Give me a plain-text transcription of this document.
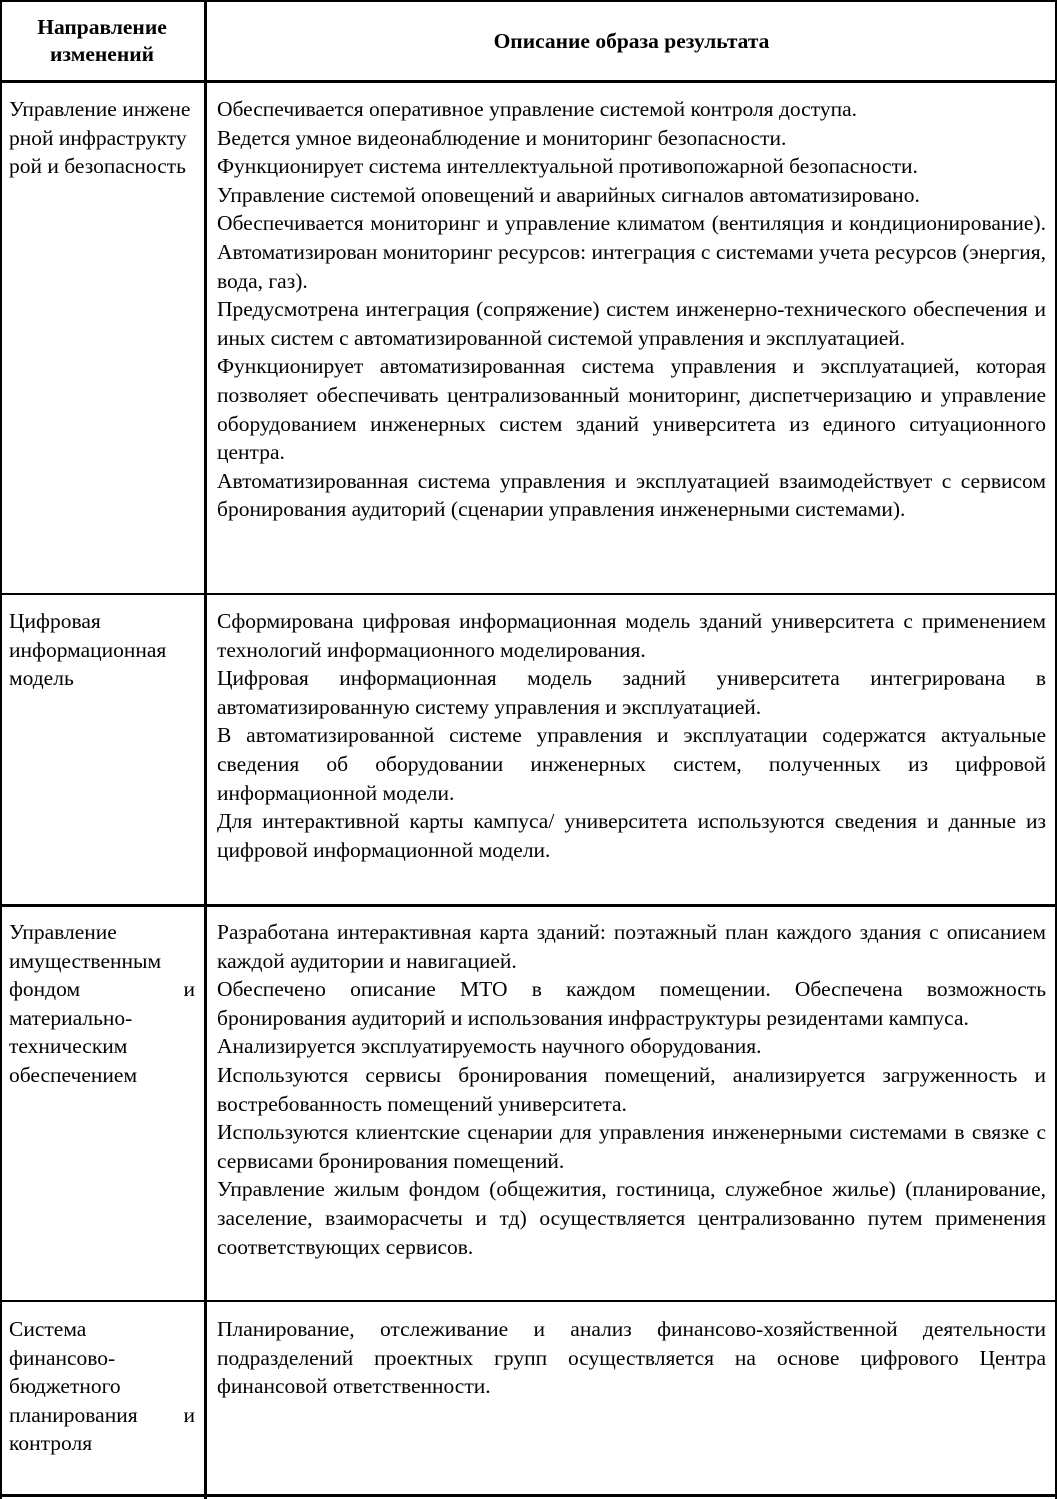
Направление изменений
Описание образа результата

Управление инженерной инфраструктурой и безопасность

Обеспечивается оперативное управление системой контроля доступа.

Ведется умное видеонаблюдение и мониторинг безопасности.

Функционирует система интеллектуальной противопожарной безопасности.

Управление системой оповещений и аварийных сигналов автоматизировано.

Обеспечивается мониторинг и управление климатом (вентиляция и кондиционирование). Автоматизирован мониторинг ресурсов: интеграция с системами учета ресурсов (энергия, вода, газ).

Предусмотрена интеграция (сопряжение) систем инженерно-технического обеспечения и иных систем с автоматизированной системой управления и эксплуатацией.

Функционирует автоматизированная система управления и эксплуатацией, которая позволяет обеспечивать централизованный мониторинг, диспетчеризацию и управление оборудованием инженерных систем зданий университета из единого ситуационного центра.

Автоматизированная система управления и эксплуатацией взаимодействует с сервисом бронирования аудиторий (сценарии управления инженерными системами).

Цифровая информационная модель

Сформирована цифровая информационная модель зданий университета с применением технологий информационного моделирования.

Цифровая информационная модель задний университета интегрирована в автоматизированную систему управления и эксплуатацией.

В автоматизированной системе управления и эксплуатации содержатся актуальные сведения об оборудовании инженерных систем, полученных из цифровой информационной модели.

Для интерактивной карты кампуса/ университета используются сведения и данные из цифровой информационной модели.

Управление имущественным фондом и материально-техническим обеспечением

Разработана интерактивная карта зданий: поэтажный план каждого здания с описанием каждой аудитории и навигацией.

Обеспечено описание МТО в каждом помещении. Обеспечена возможность бронирования аудиторий и использования инфраструктуры резидентами кампуса.

Анализируется эксплуатируемость научного оборудования.

Используются сервисы бронирования помещений, анализируется загруженность и востребованность помещений университета.

Используются клиентские сценарии для управления инженерными системами в связке с сервисами бронирования помещений.

Управление жилым фондом (общежития, гостиница, служебное жилье) (планирование, заселение, взаиморасчеты и тд) осуществляется централизованно путем применения соответствующих сервисов.

Система финансово-бюджетного планирования и контроля

Планирование, отслеживание и анализ финансово-хозяйственной деятельности подразделений проектных групп осуществляется на основе цифрового Центра финансовой ответственности.
